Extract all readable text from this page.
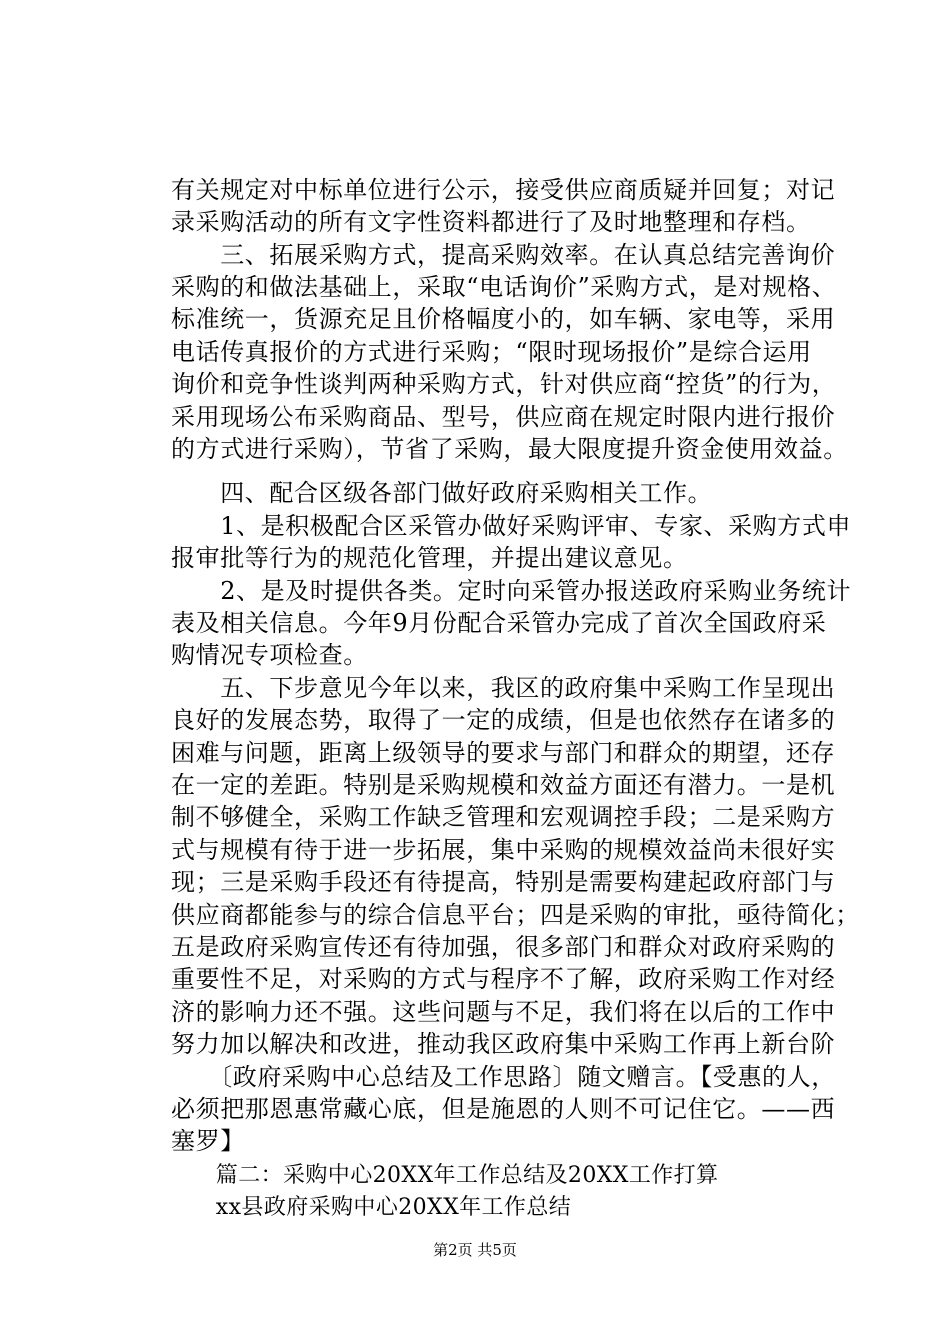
有关规定对中标单位进行公示，接受供应商质疑并回复；对记
录采购活动的所有文字性资料都进行了及时地整理和存档。
　　三、拓展采购方式，提高采购效率。在认真总结完善询价
采购的和做法基础上，采取“电话询价”采购方式，是对规格、
标准统一，货源充足且价格幅度小的，如车辆、家电等，采用
电话传真报价的方式进行采购；“限时现场报价”是综合运用
询价和竞争性谈判两种采购方式，针对供应商“控货”的行为，
采用现场公布采购商品、型号，供应商在规定时限内进行报价
的方式进行采购），节省了采购，最大限度提升资金使用效益。
　　四、配合区级各部门做好政府采购相关工作。
　　1、是积极配合区采管办做好采购评审、专家、采购方式申
报审批等行为的规范化管理，并提出建议意见。
　　2、是及时提供各类。定时向采管办报送政府采购业务统计
表及相关信息。今年9月份配合采管办完成了首次全国政府采
购情况专项检查。
　　五、下步意见今年以来，我区的政府集中采购工作呈现出
良好的发展态势，取得了一定的成绩，但是也依然存在诸多的
困难与问题，距离上级领导的要求与部门和群众的期望，还存
在一定的差距。特别是采购规模和效益方面还有潜力。一是机
制不够健全，采购工作缺乏管理和宏观调控手段；二是采购方
式与规模有待于进一步拓展，集中采购的规模效益尚未很好实
现；三是采购手段还有待提高，特别是需要构建起政府部门与
供应商都能参与的综合信息平台；四是采购的审批，亟待简化；
五是政府采购宣传还有待加强，很多部门和群众对政府采购的
重要性不足，对采购的方式与程序不了解，政府采购工作对经
济的影响力还不强。这些问题与不足，我们将在以后的工作中
努力加以解决和改进，推动我区政府集中采购工作再上新台阶
　　〔政府采购中心总结及工作思路〕随文赠言。【受惠的人，
必须把那恩惠常藏心底，但是施恩的人则不可记住它。——西
塞罗】
　　篇二：采购中心20XX年工作总结及20XX工作打算
　　xx县政府采购中心20XX年工作总结
第2页 共5页
